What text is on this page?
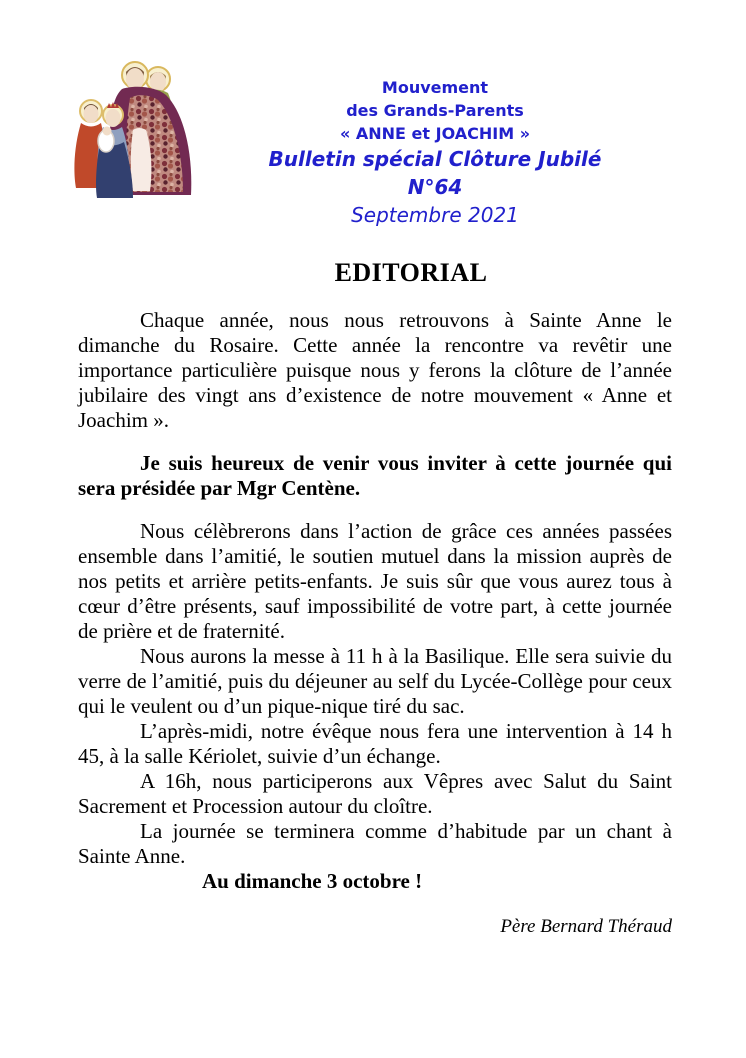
Mouvement
des Grands-Parents
« ANNE et JOACHIM »
Bulletin spécial Clôture Jubilé
N°64
Septembre 2021
EDITORIAL

Chaque année, nous nous retrouvons à Sainte Anne le dimanche du Rosaire. Cette année la rencontre va revêtir une importance particulière puisque nous y ferons la clôture de l’année jubilaire des vingt ans d’existence de notre mouvement « Anne et Joachim ».

Je suis heureux de venir vous inviter à cette journée qui sera présidée par Mgr Centène.

Nous célèbrerons dans l’action de grâce ces années passées ensemble dans l’amitié, le soutien mutuel dans la mission auprès de nos petits et arrière petits-enfants. Je suis sûr que vous aurez tous à cœur d’être présents, sauf impossibilité de votre part, à cette journée de prière et de fraternité.

Nous aurons la messe à 11 h à la Basilique. Elle sera suivie du verre de l’amitié, puis du déjeuner au self du Lycée-Collège pour ceux qui le veulent ou d’un pique-nique tiré du sac.

L’après-midi, notre évêque nous fera une intervention à 14 h 45, à la salle Kériolet, suivie d’un échange.

A 16h, nous participerons aux Vêpres avec Salut du Saint Sacrement et Procession autour du cloître.

La journée se terminera comme d’habitude par un chant à Sainte Anne.

Au dimanche 3 octobre !

Père Bernard Théraud
